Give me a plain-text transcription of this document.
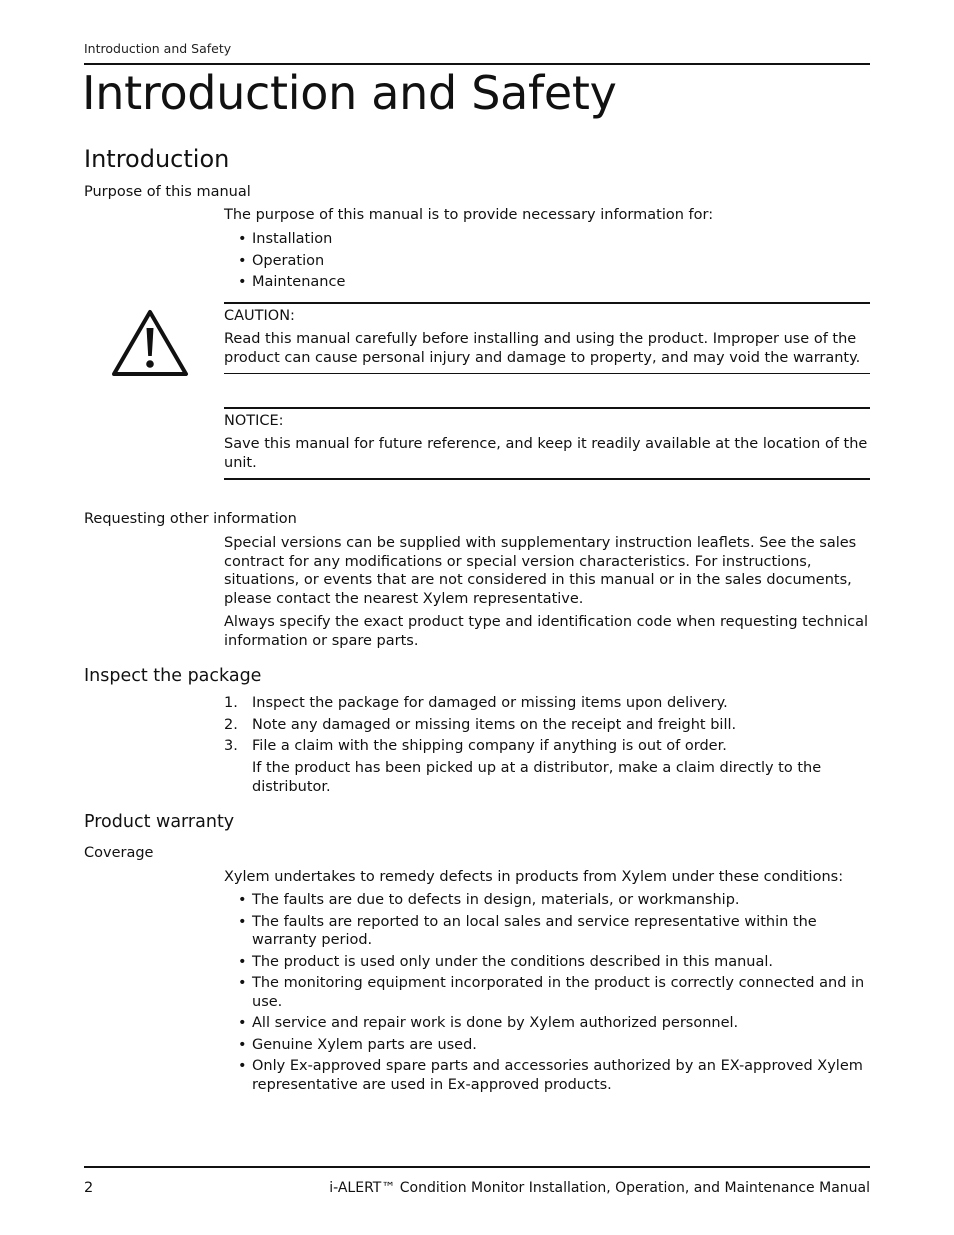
Introduction and Safety
Introduction and Safety
Introduction
Purpose of this manual

The purpose of this manual is to provide necessary information for:

• Installation
• Operation
• Maintenance
CAUTION:

Read this manual carefully before installing and using the product. Improper use of the product can cause personal injury and damage to property, and may void the warranty.

NOTICE:

Save this manual for future reference, and keep it readily available at the location of the unit.

Requesting other information

Special versions can be supplied with supplementary instruction leaflets. See the sales contract for any modifications or special version characteristics. For instructions, situations, or events that are not considered in this manual or in the sales documents, please contact the nearest Xylem representative.

Always specify the exact product type and identification code when requesting technical information or spare parts.

Inspect the package
1. Inspect the package for damaged or missing items upon delivery.
2. Note any damaged or missing items on the receipt and freight bill.
3. File a claim with the shipping company if anything is out of order.

If the product has been picked up at a distributor, make a claim directly to the distributor.

Product warranty
Coverage

Xylem undertakes to remedy defects in products from Xylem under these conditions:

• The faults are due to defects in design, materials, or workmanship.
• The faults are reported to an local sales and service representative within the warranty period.
• The product is used only under the conditions described in this manual.
• The monitoring equipment incorporated in the product is correctly connected and in use.
• All service and repair work is done by Xylem authorized personnel.
• Genuine Xylem parts are used.
• Only Ex-approved spare parts and accessories authorized by an EX-approved Xylem representative are used in Ex-approved products.
2	i-ALERT™ Condition Monitor Installation, Operation, and Maintenance Manual
